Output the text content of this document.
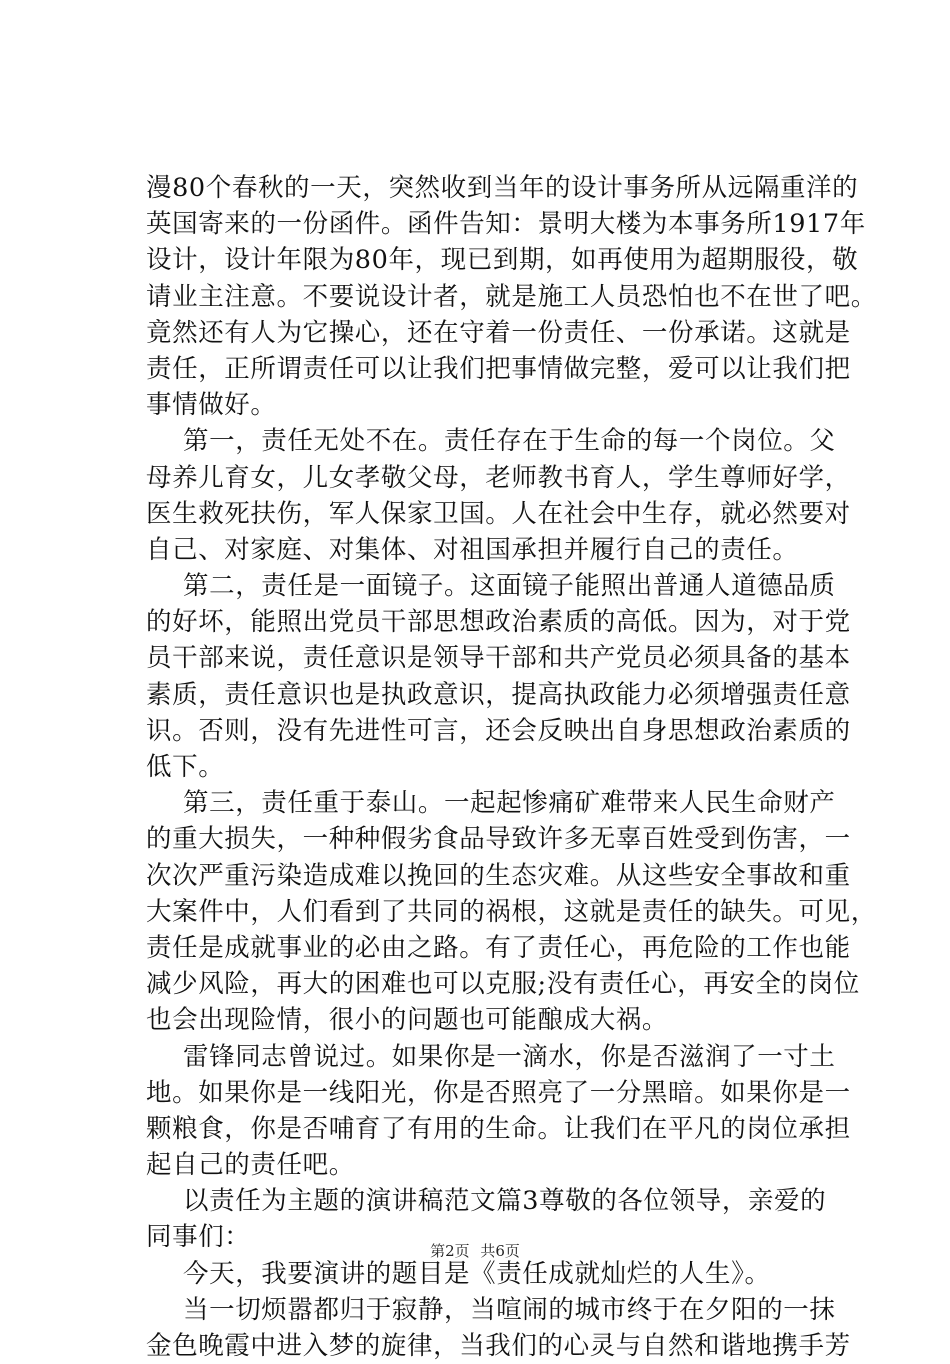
漫80个春秋的一天，突然收到当年的设计事务所从远隔重洋的
英国寄来的一份函件。函件告知：景明大楼为本事务所1917年
设计，设计年限为80年，现已到期，如再使用为超期服役，敬
请业主注意。不要说设计者，就是施工人员恐怕也不在世了吧。
竟然还有人为它操心，还在守着一份责任、一份承诺。这就是
责任，正所谓责任可以让我们把事情做完整，爱可以让我们把
事情做好。
第一，责任无处不在。责任存在于生命的每一个岗位。父
母养儿育女，儿女孝敬父母，老师教书育人，学生尊师好学，
医生救死扶伤，军人保家卫国。人在社会中生存，就必然要对
自己、对家庭、对集体、对祖国承担并履行自己的责任。
第二，责任是一面镜子。这面镜子能照出普通人道德品质
的好坏，能照出党员干部思想政治素质的高低。因为，对于党
员干部来说，责任意识是领导干部和共产党员必须具备的基本
素质，责任意识也是执政意识，提高执政能力必须增强责任意
识。否则，没有先进性可言，还会反映出自身思想政治素质的
低下。
第三，责任重于泰山。一起起惨痛矿难带来人民生命财产
的重大损失，一种种假劣食品导致许多无辜百姓受到伤害，一
次次严重污染造成难以挽回的生态灾难。从这些安全事故和重
大案件中，人们看到了共同的祸根，这就是责任的缺失。可见，
责任是成就事业的必由之路。有了责任心，再危险的工作也能
减少风险，再大的困难也可以克服;没有责任心，再安全的岗位
也会出现险情，很小的问题也可能酿成大祸。
雷锋同志曾说过。如果你是一滴水，你是否滋润了一寸土
地。如果你是一线阳光，你是否照亮了一分黑暗。如果你是一
颗粮食，你是否哺育了有用的生命。让我们在平凡的岗位承担
起自己的责任吧。
以责任为主题的演讲稿范文篇3尊敬的各位领导，亲爱的
同事们：
今天，我要演讲的题目是《责任成就灿烂的人生》。
当一切烦嚣都归于寂静，当喧闹的城市终于在夕阳的一抹
金色晚霞中进入梦的旋律，当我们的心灵与自然和谐地携手芳
第2页 共6页
